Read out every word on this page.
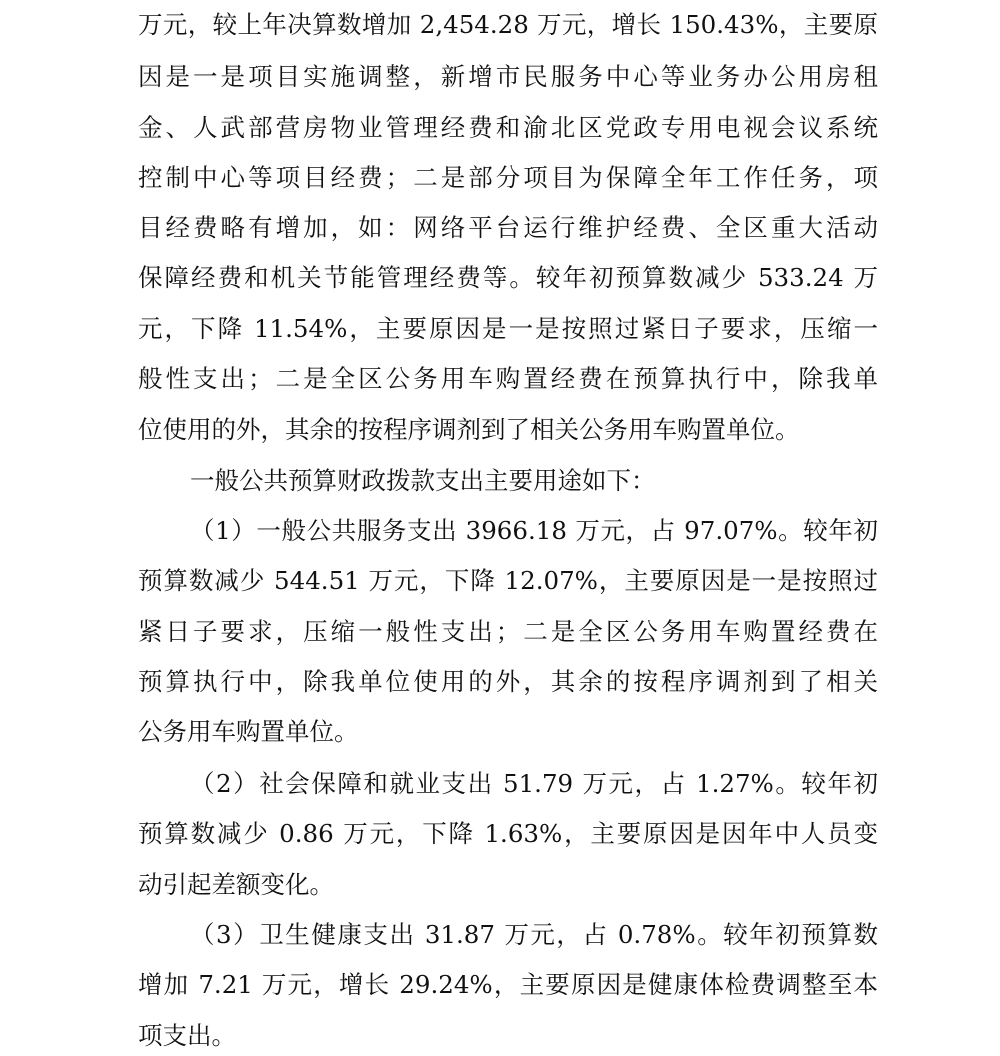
万元，较上年决算数增加 2,454.28 万元，增长 150.43%，主要原
因是一是项目实施调整，新增市民服务中心等业务办公用房租
金、人武部营房物业管理经费和渝北区党政专用电视会议系统
控制中心等项目经费；二是部分项目为保障全年工作任务，项
目经费略有增加，如：网络平台运行维护经费、全区重大活动
保障经费和机关节能管理经费等。较年初预算数减少 533.24 万
元，下降 11.54%，主要原因是一是按照过紧日子要求，压缩一
般性支出；二是全区公务用车购置经费在预算执行中，除我单
位使用的外，其余的按程序调剂到了相关公务用车购置单位。
一般公共预算财政拨款支出主要用途如下：
（1）一般公共服务支出 3966.18 万元，占 97.07%。较年初
预算数减少 544.51 万元，下降 12.07%，主要原因是一是按照过
紧日子要求，压缩一般性支出；二是全区公务用车购置经费在
预算执行中，除我单位使用的外，其余的按程序调剂到了相关
公务用车购置单位。
（2）社会保障和就业支出 51.79 万元，占 1.27%。较年初
预算数减少 0.86 万元，下降 1.63%，主要原因是因年中人员变
动引起差额变化。
（3）卫生健康支出 31.87 万元，占 0.78%。较年初预算数
增加 7.21 万元，增长 29.24%，主要原因是健康体检费调整至本
项支出。
